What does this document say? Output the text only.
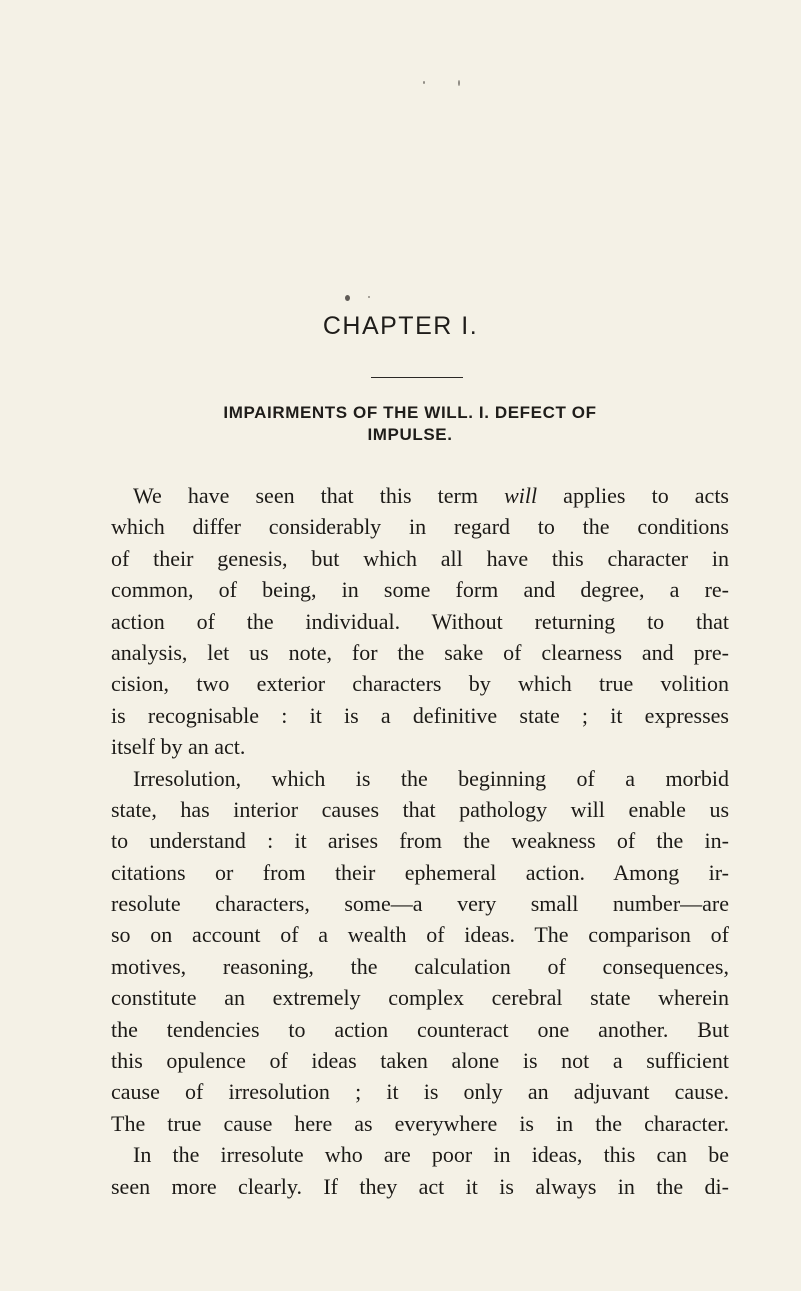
CHAPTER I.
IMPAIRMENTS OF THE WILL. I. DEFECT OF
IMPULSE.
We have seen that this term will applies to acts
which differ considerably in regard to the conditions
of their genesis, but which all have this character in
common, of being, in some form and degree, a re-
action of the individual. Without returning to that
analysis, let us note, for the sake of clearness and pre-
cision, two exterior characters by which true volition
is recognisable : it is a definitive state ; it expresses
itself by an act.
Irresolution, which is the beginning of a morbid
state, has interior causes that pathology will enable us
to understand : it arises from the weakness of the in-
citations or from their ephemeral action. Among ir-
resolute characters, some—a very small number—are
so on account of a wealth of ideas. The comparison of
motives, reasoning, the calculation of consequences,
constitute an extremely complex cerebral state wherein
the tendencies to action counteract one another. But
this opulence of ideas taken alone is not a sufficient
cause of irresolution ; it is only an adjuvant cause.
The true cause here as everywhere is in the character.
In the irresolute who are poor in ideas, this can be
seen more clearly. If they act it is always in the di-
